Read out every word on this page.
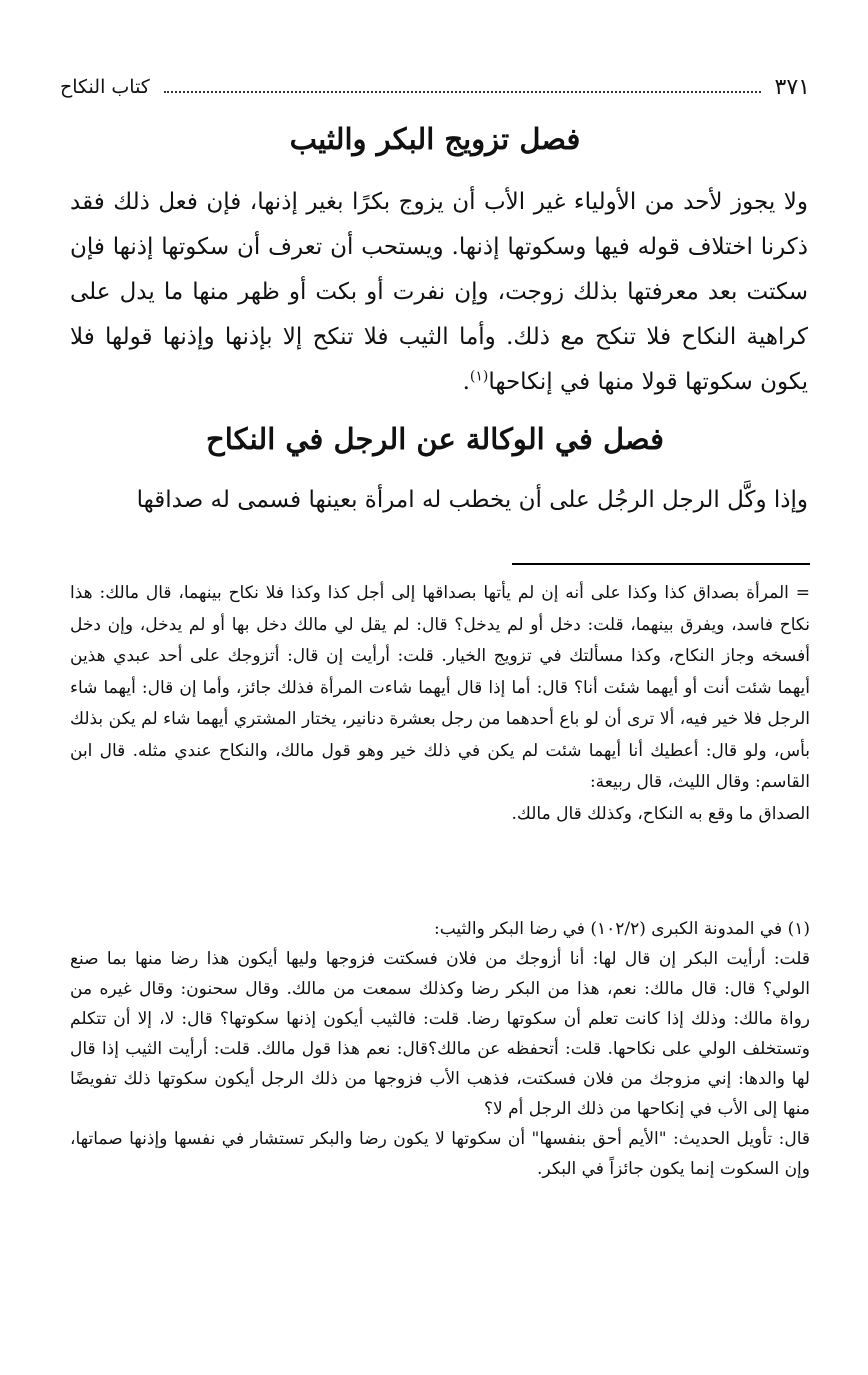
٣٧١
كتاب النكاح
فصل تزويج البكر والثيب

ولا يجوز لأحد من الأولياء غير الأب أن يزوج بكرًا بغير إذنها، فإن فعل ذلك فقد ذكرنا اختلاف قوله فيها وسكوتها إذنها. ويستحب أن تعرف أن سكوتها إذنها فإن سكتت بعد معرفتها بذلك زوجت، وإن نفرت أو بكت أو ظهر منها ما يدل على كراهية النكاح فلا تنكح مع ذلك. وأما الثيب فلا تنكح إلا بإذنها وإذنها قولها فلا يكون سكوتها قولا منها في إنكاحها$^{(١)}$.

فصل في الوكالة عن الرجل في النكاح

وإذا وكَّل الرجل الرجُل على أن يخطب له امرأة بعينها فسمى له صداقها

= المرأة بصداق كذا وكذا على أنه إن لم يأتها بصداقها إلى أجل كذا وكذا فلا نكاح بينهما، قال مالك: هذا نكاح فاسد، ويفرق بينهما، قلت: دخل أو لم يدخل؟ قال: لم يقل لي مالك دخل بها أو لم يدخل، وإن دخل أفسخه وجاز النكاح، وكذا مسألتك في تزويج الخيار. قلت: أرأيت إن قال: أتزوجك على أحد عبدي هذين أيهما شئت أنت أو أيهما شئت أنا؟ قال: أما إذا قال أيهما شاءت المرأة فذلك جائز، وأما إن قال: أيهما شاء الرجل فلا خير فيه، ألا ترى أن لو باع أحدهما من رجل بعشرة دنانير، يختار المشتري أيهما شاء لم يكن بذلك بأس، ولو قال: أعطيك أنا أيهما شئت لم يكن في ذلك خير وهو قول مالك، والنكاح عندي مثله. قال ابن القاسم: وقال الليث، قال ربيعة:
الصداق ما وقع به النكاح، وكذلك قال مالك.

(١) في المدونة الكبرى (١٠٢/٢) في رضا البكر والثيب:
قلت: أرأيت البكر إن قال لها: أنا أزوجك من فلان فسكتت فزوجها وليها أيكون هذا رضا منها بما صنع الولي؟ قال: قال مالك: نعم، هذا من البكر رضا وكذلك سمعت من مالك. وقال سحنون: وقال غيره من رواة مالك: وذلك إذا كانت تعلم أن سكوتها رضا. قلت: فالثيب أيكون إذنها سكوتها؟ قال: لا، إلا أن تتكلم وتستخلف الولي على نكاحها. قلت: أتحفظه عن مالك؟قال: نعم هذا قول مالك. قلت: أرأيت الثيب إذا قال لها والدها: إني مزوجك من فلان فسكتت، فذهب الأب فزوجها من ذلك الرجل أيكون سكوتها ذلك تفويضًا منها إلى الأب في إنكاحها من ذلك الرجل أم لا؟
قال: تأويل الحديث: "الأيم أحق بنفسها" أن سكوتها لا يكون رضا والبكر تستشار في نفسها وإذنها صماتها، وإن السكوت إنما يكون جائزاً في البكر.
